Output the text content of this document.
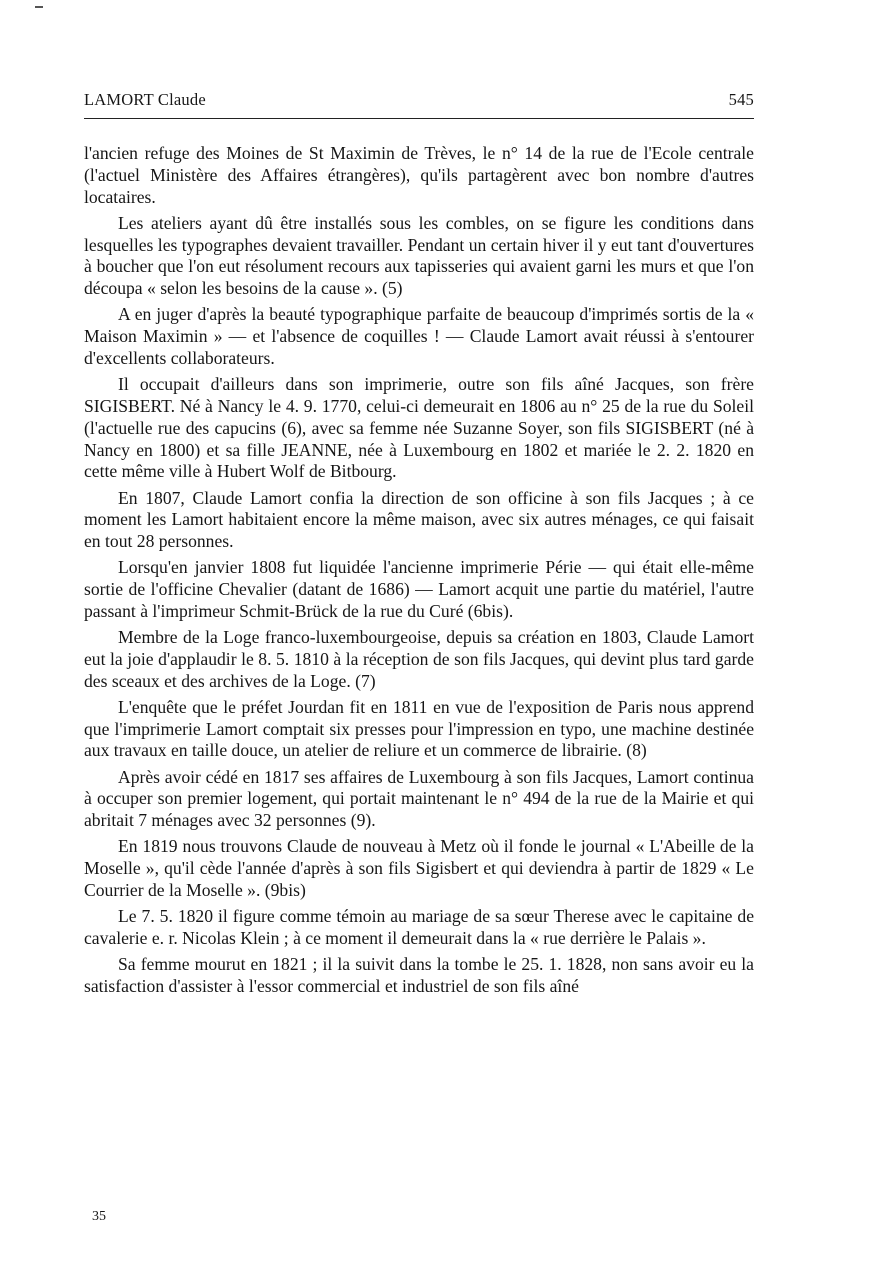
LAMORT Claude	545

l'ancien refuge des Moines de St Maximin de Trèves, le n° 14 de la rue de l'Ecole centrale (l'actuel Ministère des Affaires étrangères), qu'ils partagèrent avec bon nombre d'autres locataires.

Les ateliers ayant dû être installés sous les combles, on se figure les conditions dans lesquelles les typographes devaient travailler. Pendant un certain hiver il y eut tant d'ouvertures à boucher que l'on eut résolument recours aux tapisseries qui avaient garni les murs et que l'on découpa « selon les besoins de la cause ». (5)

A en juger d'après la beauté typographique parfaite de beaucoup d'imprimés sortis de la « Maison Maximin » — et l'absence de coquilles ! — Claude Lamort avait réussi à s'entourer d'excellents collaborateurs.

Il occupait d'ailleurs dans son imprimerie, outre son fils aîné Jacques, son frère SIGISBERT. Né à Nancy le 4. 9. 1770, celui-ci demeurait en 1806 au n° 25 de la rue du Soleil (l'actuelle rue des capucins (6), avec sa femme née Suzanne Soyer, son fils SIGISBERT (né à Nancy en 1800) et sa fille JEANNE, née à Luxembourg en 1802 et mariée le 2. 2. 1820 en cette même ville à Hubert Wolf de Bitbourg.

En 1807, Claude Lamort confia la direction de son officine à son fils Jacques ; à ce moment les Lamort habitaient encore la même maison, avec six autres ménages, ce qui faisait en tout 28 personnes.

Lorsqu'en janvier 1808 fut liquidée l'ancienne imprimerie Périe — qui était elle-même sortie de l'officine Chevalier (datant de 1686) — Lamort acquit une partie du matériel, l'autre passant à l'imprimeur Schmit-Brück de la rue du Curé (6bis).

Membre de la Loge franco-luxembourgeoise, depuis sa création en 1803, Claude Lamort eut la joie d'applaudir le 8. 5. 1810 à la réception de son fils Jacques, qui devint plus tard garde des sceaux et des archives de la Loge. (7)

L'enquête que le préfet Jourdan fit en 1811 en vue de l'exposition de Paris nous apprend que l'imprimerie Lamort comptait six presses pour l'impression en typo, une machine destinée aux travaux en taille douce, un atelier de reliure et un commerce de librairie. (8)

Après avoir cédé en 1817 ses affaires de Luxembourg à son fils Jacques, Lamort continua à occuper son premier logement, qui portait maintenant le n° 494 de la rue de la Mairie et qui abritait 7 ménages avec 32 personnes (9).

En 1819 nous trouvons Claude de nouveau à Metz où il fonde le journal « L'Abeille de la Moselle », qu'il cède l'année d'après à son fils Sigisbert et qui deviendra à partir de 1829 « Le Courrier de la Moselle ». (9bis)

Le 7. 5. 1820 il figure comme témoin au mariage de sa sœur Therese avec le capitaine de cavalerie e. r. Nicolas Klein ; à ce moment il demeurait dans la « rue derrière le Palais ».

Sa femme mourut en 1821 ; il la suivit dans la tombe le 25. 1. 1828, non sans avoir eu la satisfaction d'assister à l'essor commercial et industriel de son fils aîné

35
